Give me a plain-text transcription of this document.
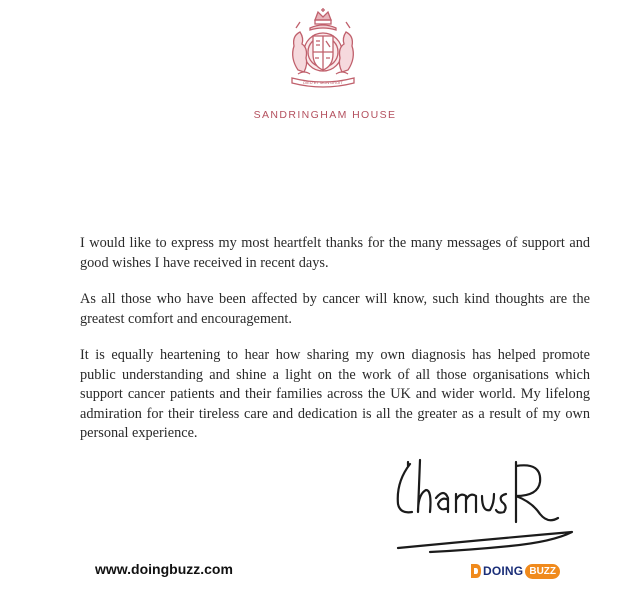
DIEU ET MON DROIT
SANDRINGHAM HOUSE

I would like to express my most heartfelt thanks for the many messages of support and good wishes I have received in recent days.

As all those who have been affected by cancer will know, such kind thoughts are the greatest comfort and encouragement.

It is equally heartening to hear how sharing my own diagnosis has helped promote public understanding and shine a light on the work of all those organisations which support cancer patients and their families across the UK and wider world. My lifelong admiration for their tireless care and dedication is all the greater as a result of my own personal experience.

www.doingbuzz.com	DOING BUZZ
